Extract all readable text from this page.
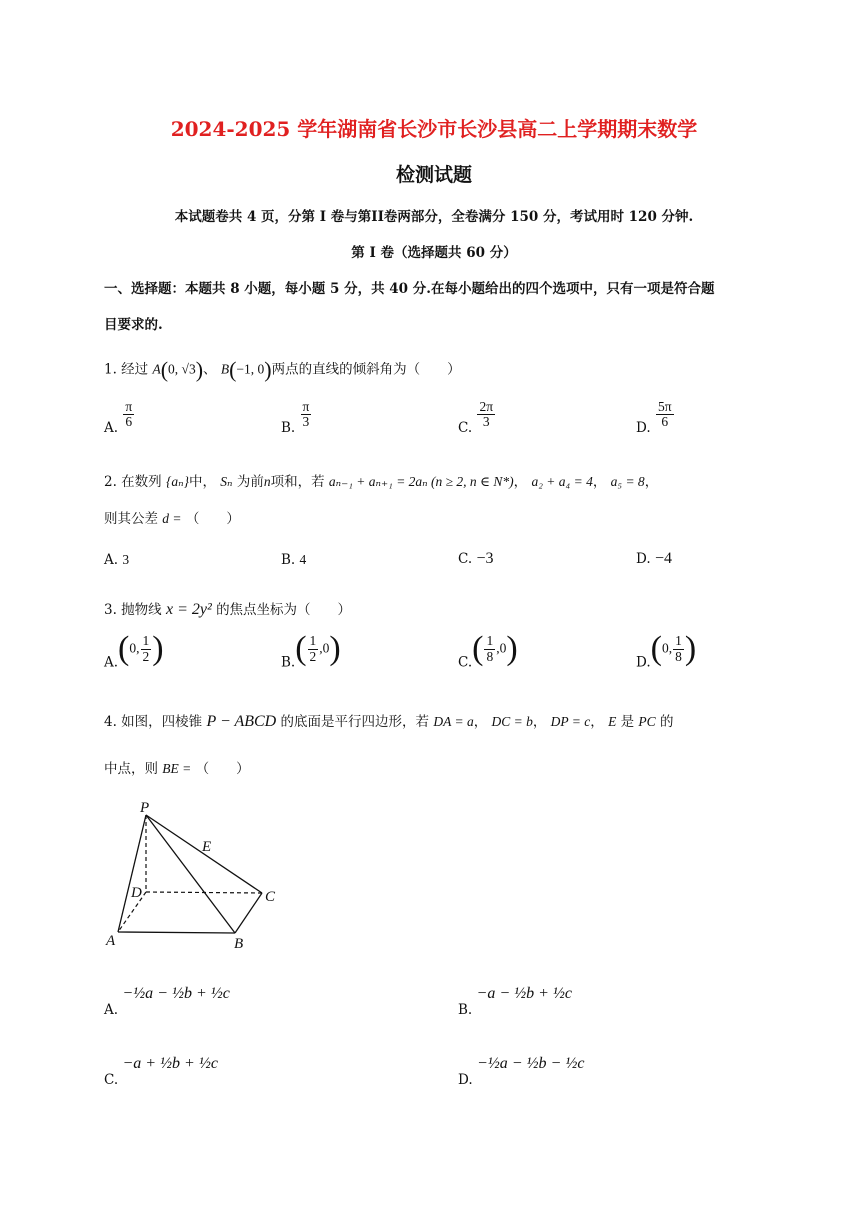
2024-2025 学年湖南省长沙市长沙县高二上学期期末数学
检测试题
本试题卷共 4 页，分第 I 卷与第II卷两部分，全卷满分 150 分，考试用时 120 分钟.
第 I 卷（选择题共 60 分）
一、选择题：本题共 8 小题，每小题 5 分，共 40 分.在每小题给出的四个选项中，只有一项是符合题
目要求的.
1. 经过 A(0, √3)、 B(−1, 0)两点的直线的倾斜角为（　　）
A. $\frac{\pi}{6}$	B. $\frac{\pi}{3}$	C. $\frac{2\pi}{3}$	D. $\frac{5\pi}{6}$
2. 在数列 {aₙ}中， Sₙ 为前n项和，若 aₙ₋₁ + aₙ₊₁ = 2aₙ (n ≥ 2, n ∈ N*)， a₂ + a₄ = 4， a₅ = 8，
则其公差 d = （　　）
A. 3	B. 4	C. −3	D. −4
3. 抛物线 x = 2y² 的焦点坐标为（　　）
A.(0, $\frac{1}{2}$ )	$B.( \frac{1}{2} ,0)$	$C.( \frac{1}{8} ,0)$	D.(0, $\frac{1}{8}$ )
4. 如图，四棱锥 P − ABCD 的底面是平行四边形，若 DA = a， DC = b， DP = c， E 是 PC 的
中点，则 BE = （　　）
P
E
D	C
A	B
A. −½a − ½b + ½c
B. −a − ½b + ½c
C. −a + ½b + ½c
D. −½a − ½b − ½c
